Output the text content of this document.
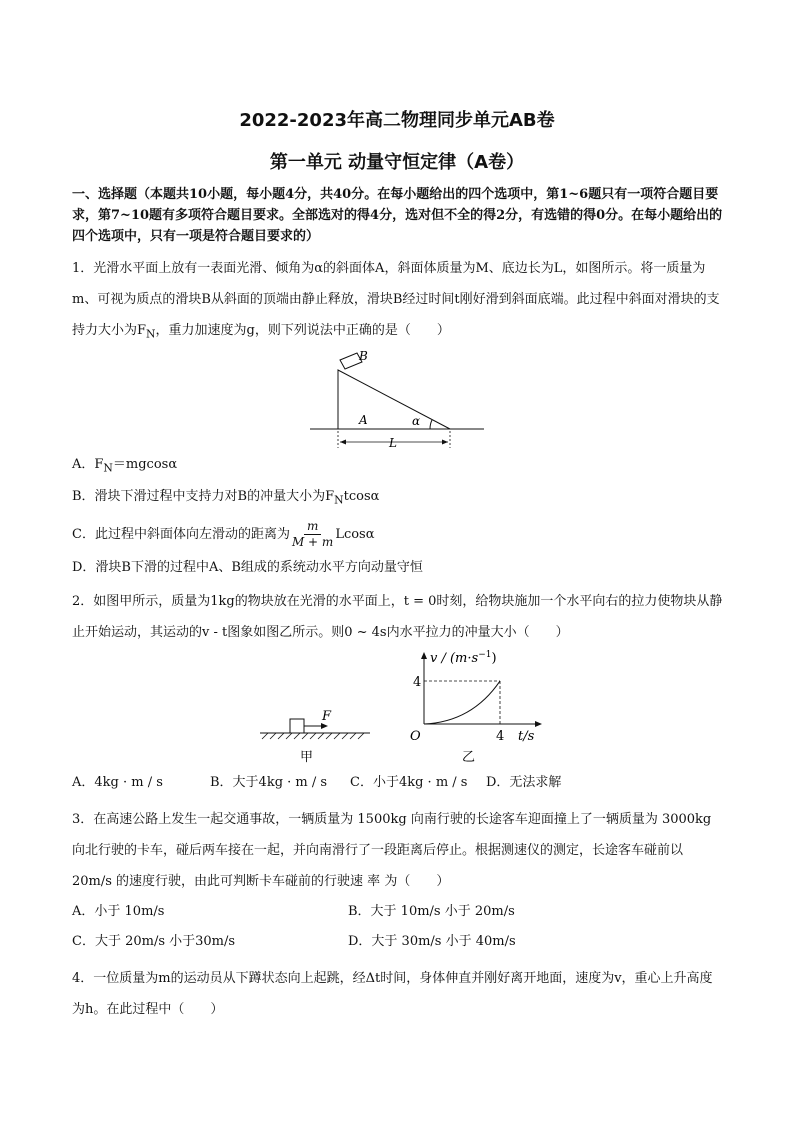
2022-2023年高二物理同步单元AB卷
第一单元 动量守恒定律（A卷）
一、选择题（本题共10小题，每小题4分，共40分。在每小题给出的四个选项中，第1~6题只有一项符合题目要求，第7~10题有多项符合题目要求。全部选对的得4分，选对但不全的得2分，有选错的得0分。在每小题给出的四个选项中，只有一项是符合题目要求的）
1．光滑水平面上放有一表面光滑、倾角为α的斜面体A，斜面体质量为M、底边长为L，如图所示。将一质量为m、可视为质点的滑块B从斜面的顶端由静止释放，滑块B经过时间t刚好滑到斜面底端。此过程中斜面对滑块的支持力大小为$F_N$，重力加速度为g，则下列说法中正确的是（　　）
B
A	α
L
A．$F_N=mgcos\alpha$
B．滑块下滑过程中支持力对B的冲量大小为$F_Ntcos\alpha$
C．此过程中斜面体向左滑动的距离为 $\frac{m}{M + m}$ Lcosα
D．滑块B下滑的过程中A、B组成的系统动水平方向动量守恒
2．如图甲所示，质量为1kg的物块放在光滑的水平面上，t = 0时刻，给物块施加一个水平向右的拉力使物块从静止开始运动，其运动的v - t图象如图乙所示。则0 ~ 4s内水平拉力的冲量大小（　　）
F
甲
$v / (m\cdot s^{-1})$
4
4 t/s
O
乙
A．4kg · m / s	B．大于4kg · m / s	C．小于4kg · m / s	D．无法求解
3．在高速公路上发生一起交通事故，一辆质量为 1500kg 向南行驶的长途客车迎面撞上了一辆质量为 3000kg 向北行驶的卡车，碰后两车接在一起，并向南滑行了一段距离后停止。根据测速仪的测定，长途客车碰前以 20m/s 的速度行驶，由此可判断卡车碰前的行驶速 率 为（　　）
A．小于 10m/s	B．大于 10m/s 小于 20m/s
C．大于 20m/s 小于30m/s	D．大于 30m/s 小于 40m/s
4．一位质量为m的运动员从下蹲状态向上起跳，经Δt时间，身体伸直并刚好离开地面，速度为v，重心上升高度为h。在此过程中（　　）
